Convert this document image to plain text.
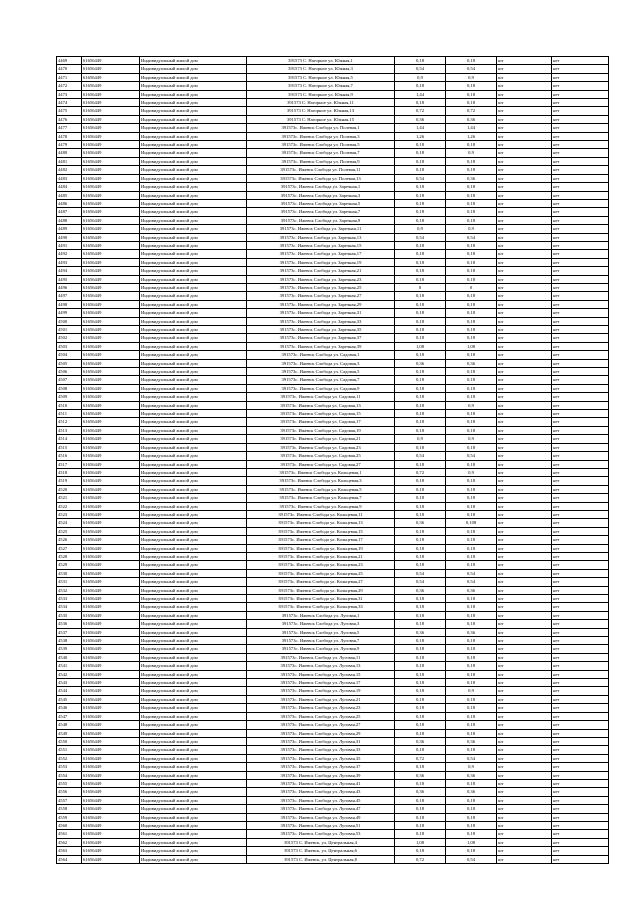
4469	61656449	Индивидуальный жилой дом	391573 С. Нагорное ул. Южная,1	0,18	0,18	шт	нет
4470	61656449	Индивидуальный жилой дом	391573 С. Нагорное ул. Южная,3	0,54	0,54	шт	нет
4471	61656449	Индивидуальный жилой дом	391573 С. Нагорное ул. Южная,5	0,9	0,9	шт	нет
4472	61656449	Индивидуальный жилой дом	391573 С. Нагорное ул. Южная,7	0,18	0,18	шт	нет
4473	61656449	Индивидуальный жилой дом	391573 С. Нагорное ул. Южная,9	1,44	0,18	шт	нет
4474	61656449	Индивидуальный жилой дом	391573 С. Нагорное ул. Южная,11	0,18	0,18	шт	нет
4475	61656449	Индивидуальный жилой дом	391573 С. Нагорное ул. Южная,13	0,72	0,72	шт	нет
4476	61656449	Индивидуальный жилой дом	391573 С. Нагорное ул. Южная,15	0,36	0,36	шт	нет
4477	61656449	Индивидуальный жилой дом	391573с. Ижевск Слобода ул. Полевая,1	1,44	1,44	шт	нет
4478	61656449	Индивидуальный жилой дом	391573с. Ижевск Слобода ул. Полевая,3	1,26	1,26	шт	нет
4479	61656449	Индивидуальный жилой дом	391573с. Ижевск Слобода ул. Полевая,5	0,18	0,18	шт	нет
4480	61656449	Индивидуальный жилой дом	391573с. Ижевск Слобода ул. Полевая,7	0,18	0,9	шт	нет
4481	61656449	Индивидуальный жилой дом	391573с. Ижевск Слобода ул. Полевая,9	0,18	0,18	шт	нет
4482	61656449	Индивидуальный жилой дом	391573с. Ижевск Слобода ул. Полевая,11	0,18	0,18	шт	нет
4483	61656449	Индивидуальный жилой дом	391573с. Ижевск Слобода ул. Полевая,13	0,54	0,36	шт	нет
4484	61656449	Индивидуальный жилой дом	391573с. Ижевск Слобода ул. Заречная,1	0,18	0,18	шт	нет
4485	61656449	Индивидуальный жилой дом	391573с. Ижевск Слобода ул. Заречная,3	0,18	0,18	шт	нет
4486	61656449	Индивидуальный жилой дом	391573с. Ижевск Слобода ул. Заречная,5	0,18	0,18	шт	нет
4487	61656449	Индивидуальный жилой дом	391573с. Ижевск Слобода ул. Заречная,7	0,18	0,18	шт	нет
4488	61656449	Индивидуальный жилой дом	391573с. Ижевск Слобода ул. Заречная,9	0,18	0,18	шт	нет
4489	61656449	Индивидуальный жилой дом	391573с. Ижевск Слобода ул. Заречная,11	0,9	0,9	шт	нет
4490	61656449	Индивидуальный жилой дом	391573с. Ижевск Слобода ул. Заречная,13	0,54	0,54	шт	нет
4491	61656449	Индивидуальный жилой дом	391573с. Ижевск Слобода ул. Заречная,15	0,18	0,18	шт	нет
4492	61656449	Индивидуальный жилой дом	391573с. Ижевск Слобода ул. Заречная,17	0,18	0,18	шт	нет
4493	61656449	Индивидуальный жилой дом	391573с. Ижевск Слобода ул. Заречная,19	0,18	0,18	шт	нет
4494	61656449	Индивидуальный жилой дом	391573с. Ижевск Слобода ул. Заречная,21	0,18	0,18	шт	нет
4495	61656449	Индивидуальный жилой дом	391573с. Ижевск Слобода ул. Заречная,23	0,18	0,18	шт	нет
4496	61656449	Индивидуальный жилой дом	391573с. Ижевск Слобода ул. Заречная,25	0	0	шт	нет
4497	61656449	Индивидуальный жилой дом	391573с. Ижевск Слобода ул. Заречная,27	0,18	0,18	шт	нет
4498	61656449	Индивидуальный жилой дом	391573с. Ижевск Слобода ул. Заречная,29	0,18	0,18	шт	нет
4499	61656449	Индивидуальный жилой дом	391573с. Ижевск Слобода ул. Заречная,31	0,18	0,18	шт	нет
4500	61656449	Индивидуальный жилой дом	391573с. Ижевск Слобода ул. Заречная,33	0,18	0,18	шт	нет
4501	61656449	Индивидуальный жилой дом	391573с. Ижевск Слобода ул. Заречная,35	0,18	0,18	шт	нет
4502	61656449	Индивидуальный жилой дом	391573с. Ижевск Слобода ул. Заречная,37	0,18	0,18	шт	нет
4503	61656449	Индивидуальный жилой дом	391573с. Ижевск Слобода ул. Заречная,39	1,08	1,08	шт	нет
4504	61656449	Индивидуальный жилой дом	391573с. Ижевск Слобода ул. Садовая,1	0,18	0,18	шт	нет
4505	61656449	Индивидуальный жилой дом	391573с. Ижевск Слобода ул. Садовая,3	0,36	0,36	шт	нет
4506	61656449	Индивидуальный жилой дом	391573с. Ижевск Слобода ул. Садовая,5	0,18	0,18	шт	нет
4507	61656449	Индивидуальный жилой дом	391573с. Ижевск Слобода ул. Садовая,7	0,18	0,18	шт	нет
4508	61656449	Индивидуальный жилой дом	391573с. Ижевск Слобода ул. Садовая,9	0,18	0,18	шт	нет
4509	61656449	Индивидуальный жилой дом	391573с. Ижевск Слобода ул. Садовая,11	0,18	0,18	шт	нет
4510	61656449	Индивидуальный жилой дом	391573с. Ижевск Слобода ул. Садовая,13	0,18	0,9	шт	нет
4511	61656449	Индивидуальный жилой дом	391573с. Ижевск Слобода ул. Садовая,15	0,18	0,18	шт	нет
4512	61656449	Индивидуальный жилой дом	391573с. Ижевск Слобода ул. Садовая,17	0,18	0,18	шт	нет
4513	61656449	Индивидуальный жилой дом	391573с. Ижевск Слобода ул. Садовая,19	0,18	0,18	шт	нет
4514	61656449	Индивидуальный жилой дом	391573с. Ижевск Слобода ул. Садовая,21	0,9	0,9	шт	нет
4515	61656449	Индивидуальный жилой дом	391573с. Ижевск Слобода ул. Садовая,23	0,18	0,18	шт	нет
4516	61656449	Индивидуальный жилой дом	391573с. Ижевск Слобода ул. Садовая,25	0,54	0,54	шт	нет
4517	61656449	Индивидуальный жилой дом	391573с. Ижевск Слобода ул. Садовая,27	0,18	0,18	шт	нет
4518	61656449	Индивидуальный жилой дом	391573с. Ижевск Слобода ул. Кольцевая,1	0,72	0,9	шт	нет
4519	61656449	Индивидуальный жилой дом	391573с. Ижевск Слобода ул. Кольцевая,3	0,18	0,18	шт	нет
4520	61656449	Индивидуальный жилой дом	391573с. Ижевск Слобода ул. Кольцевая,5	0,18	0,18	шт	нет
4521	61656449	Индивидуальный жилой дом	391573с. Ижевск Слобода ул. Кольцевая,7	0,18	0,18	шт	нет
4522	61656449	Индивидуальный жилой дом	391573с. Ижевск Слобода ул. Кольцевая,9	0,18	0,18	шт	нет
4523	61656449	Индивидуальный жилой дом	391573с. Ижевск Слобода ул. Кольцевая,11	0,18	0,18	шт	нет
4524	61656449	Индивидуальный жилой дом	391573с. Ижевск Слобода ул. Кольцевая,13	0,36	0,108	шт	нет
4525	61656449	Индивидуальный жилой дом	391573с. Ижевск Слобода ул. Кольцевая,15	0,18	0,18	шт	нет
4526	61656449	Индивидуальный жилой дом	391573с. Ижевск Слобода ул. Кольцевая,17	0,18	0,18	шт	нет
4527	61656449	Индивидуальный жилой дом	391573с. Ижевск Слобода ул. Кольцевая,19	0,18	0,18	шт	нет
4528	61656449	Индивидуальный жилой дом	391573с. Ижевск Слобода ул. Кольцевая,21	0,18	0,18	шт	нет
4529	61656449	Индивидуальный жилой дом	391573с. Ижевск Слобода ул. Кольцевая,23	0,18	0,18	шт	нет
4530	61656449	Индивидуальный жилой дом	391573с. Ижевск Слобода ул. Кольцевая,25	0,54	0,54	шт	нет
4531	61656449	Индивидуальный жилой дом	391573с. Ижевск Слобода ул. Кольцевая,27	0,54	0,54	шт	нет
4532	61656449	Индивидуальный жилой дом	391573с. Ижевск Слобода ул. Кольцевая,29	0,36	0,36	шт	нет
4533	61656449	Индивидуальный жилой дом	391573с. Ижевск Слобода ул. Кольцевая,31	0,18	0,18	шт	нет
4534	61656449	Индивидуальный жилой дом	391573с. Ижевск Слобода ул. Кольцевая,33	0,18	0,18	шт	нет
4535	61656449	Индивидуальный жилой дом	391573с. Ижевск Слобода ул. Луговая,1	0,18	0,18	шт	нет
4536	61656449	Индивидуальный жилой дом	391573с. Ижевск Слобода ул. Луговая,3	0,18	0,18	шт	нет
4537	61656449	Индивидуальный жилой дом	391573с. Ижевск Слобода ул. Луговая,5	0,36	0,36	шт	нет
4538	61656449	Индивидуальный жилой дом	391573с. Ижевск Слобода ул. Луговая,7	0,18	0,18	шт	нет
4539	61656449	Индивидуальный жилой дом	391573с. Ижевск Слобода ул. Луговая,9	0,18	0,18	шт	нет
4540	61656449	Индивидуальный жилой дом	391573с. Ижевск Слобода ул. Луговая,11	0,18	0,18	шт	нет
4541	61656449	Индивидуальный жилой дом	391573с. Ижевск Слобода ул. Луговая,13	0,18	0,18	шт	нет
4542	61656449	Индивидуальный жилой дом	391573с. Ижевск Слобода ул. Луговая,15	0,18	0,18	шт	нет
4543	61656449	Индивидуальный жилой дом	391573с. Ижевск Слобода ул. Луговая,17	0,18	0,18	шт	нет
4544	61656449	Индивидуальный жилой дом	391573с. Ижевск Слобода ул. Луговая,19	0,18	0,9	шт	нет
4545	61656449	Индивидуальный жилой дом	391573с. Ижевск Слобода ул. Луговая,21	0,18	0,18	шт	нет
4546	61656449	Индивидуальный жилой дом	391573с. Ижевск Слобода ул. Луговая,23	0,18	0,18	шт	нет
4547	61656449	Индивидуальный жилой дом	391573с. Ижевск Слобода ул. Луговая,25	0,18	0,18	шт	нет
4548	61656449	Индивидуальный жилой дом	391573с. Ижевск Слобода ул. Луговая,27	0,18	0,18	шт	нет
4549	61656449	Индивидуальный жилой дом	391573с. Ижевск Слобода ул. Луговая,29	0,18	0,18	шт	нет
4550	61656449	Индивидуальный жилой дом	391573с. Ижевск Слобода ул. Луговая,31	0,36	0,36	шт	нет
4551	61656449	Индивидуальный жилой дом	391573с. Ижевск Слобода ул. Луговая,33	0,18	0,18	шт	нет
4552	61656449	Индивидуальный жилой дом	391573с. Ижевск Слобода ул. Луговая,35	0,72	0,54	шт	нет
4553	61656449	Индивидуальный жилой дом	391573с. Ижевск Слобода ул. Луговая,37	0,18	0,9	шт	нет
4554	61656449	Индивидуальный жилой дом	391573с. Ижевск Слобода ул. Луговая,39	0,36	0,36	шт	нет
4555	61656449	Индивидуальный жилой дом	391573с. Ижевск Слобода ул. Луговая,41	0,18	0,18	шт	нет
4556	61656449	Индивидуальный жилой дом	391573с. Ижевск Слобода ул. Луговая,43	0,36	0,36	шт	нет
4557	61656449	Индивидуальный жилой дом	391573с. Ижевск Слобода ул. Луговая,45	0,18	0,18	шт	нет
4558	61656449	Индивидуальный жилой дом	391573с. Ижевск Слобода ул. Луговая,47	0,18	0,18	шт	нет
4559	61656449	Индивидуальный жилой дом	391573с. Ижевск Слобода ул. Луговая,49	0,18	0,18	шт	нет
4560	61656449	Индивидуальный жилой дом	391573с. Ижевск Слобода ул. Луговая,51	0,18	0,18	шт	нет
4561	61656449	Индивидуальный жилой дом	391573с. Ижевск Слобода ул. Луговая,53	0,18	0,18	шт	нет
4562	61656449	Индивидуальный жилой дом	391573 С. Ижевск, ул. Центральная,4	1,08	1,08	шт	нет
4563	61656449	Индивидуальный жилой дом	391573 С. Ижевск, ул. Центральная,6	0,18	0,18	шт	нет
4564	61656449	Индивидуальный жилой дом	391573 С. Ижевск, ул. Центральная,8	0,72	0,54	шт	нет
